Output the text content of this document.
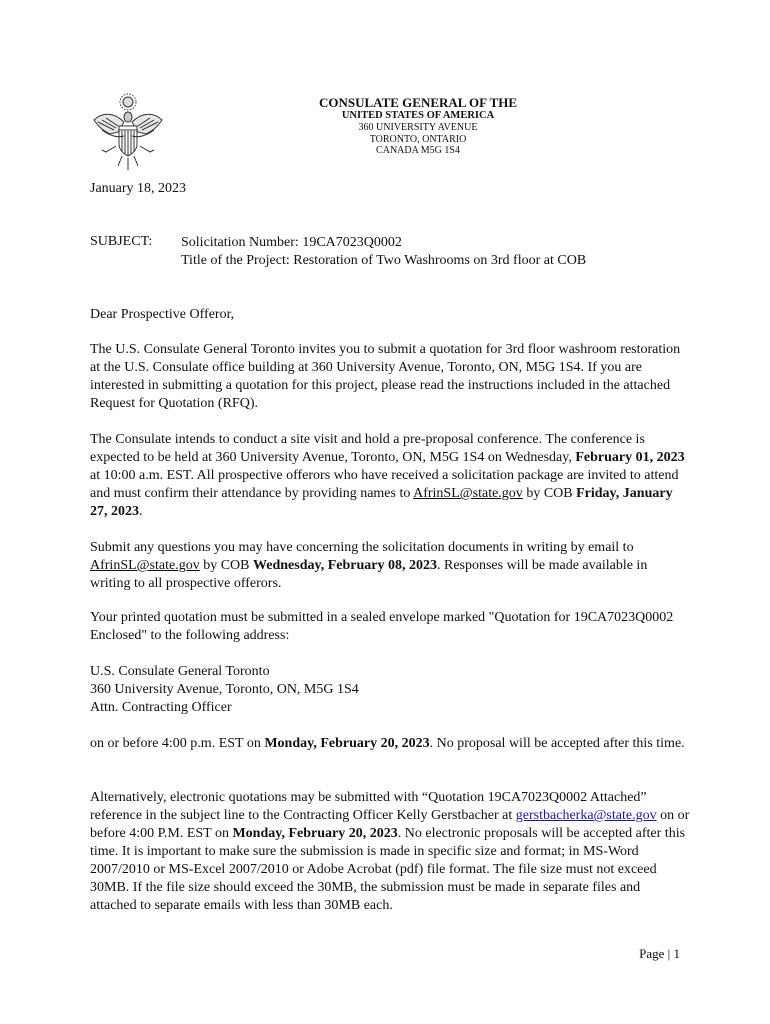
CONSULATE GENERAL OF THE
UNITED STATES OF AMERICA
360 UNIVERSITY AVENUE
TORONTO, ONTARIO
CANADA M5G 1S4
January 18, 2023
SUBJECT: Solicitation Number: 19CA7023Q0002
Title of the Project: Restoration of Two Washrooms on 3rd floor at COB
Dear Prospective Offeror,
The U.S. Consulate General Toronto invites you to submit a quotation for 3rd floor washroom restoration at the U.S. Consulate office building at 360 University Avenue, Toronto, ON, M5G 1S4. If you are interested in submitting a quotation for this project, please read the instructions included in the attached Request for Quotation (RFQ).
The Consulate intends to conduct a site visit and hold a pre-proposal conference. The conference is expected to be held at 360 University Avenue, Toronto, ON, M5G 1S4 on Wednesday, February 01, 2023 at 10:00 a.m. EST. All prospective offerors who have received a solicitation package are invited to attend and must confirm their attendance by providing names to AfrinSL@state.gov by COB Friday, January 27, 2023.
Submit any questions you may have concerning the solicitation documents in writing by email to AfrinSL@state.gov by COB Wednesday, February 08, 2023. Responses will be made available in writing to all prospective offerors.
Your printed quotation must be submitted in a sealed envelope marked "Quotation for 19CA7023Q0002 Enclosed" to the following address:
U.S. Consulate General Toronto
360 University Avenue, Toronto, ON, M5G 1S4
Attn. Contracting Officer
on or before 4:00 p.m. EST on Monday, February 20, 2023. No proposal will be accepted after this time.
Alternatively, electronic quotations may be submitted with “Quotation 19CA7023Q0002 Attached” reference in the subject line to the Contracting Officer Kelly Gerstbacher at gerstbacherka@state.gov on or before 4:00 P.M. EST on Monday, February 20, 2023. No electronic proposals will be accepted after this time. It is important to make sure the submission is made in specific size and format; in MS-Word 2007/2010 or MS-Excel 2007/2010 or Adobe Acrobat (pdf) file format. The file size must not exceed 30MB. If the file size should exceed the 30MB, the submission must be made in separate files and attached to separate emails with less than 30MB each.
Page | 1
